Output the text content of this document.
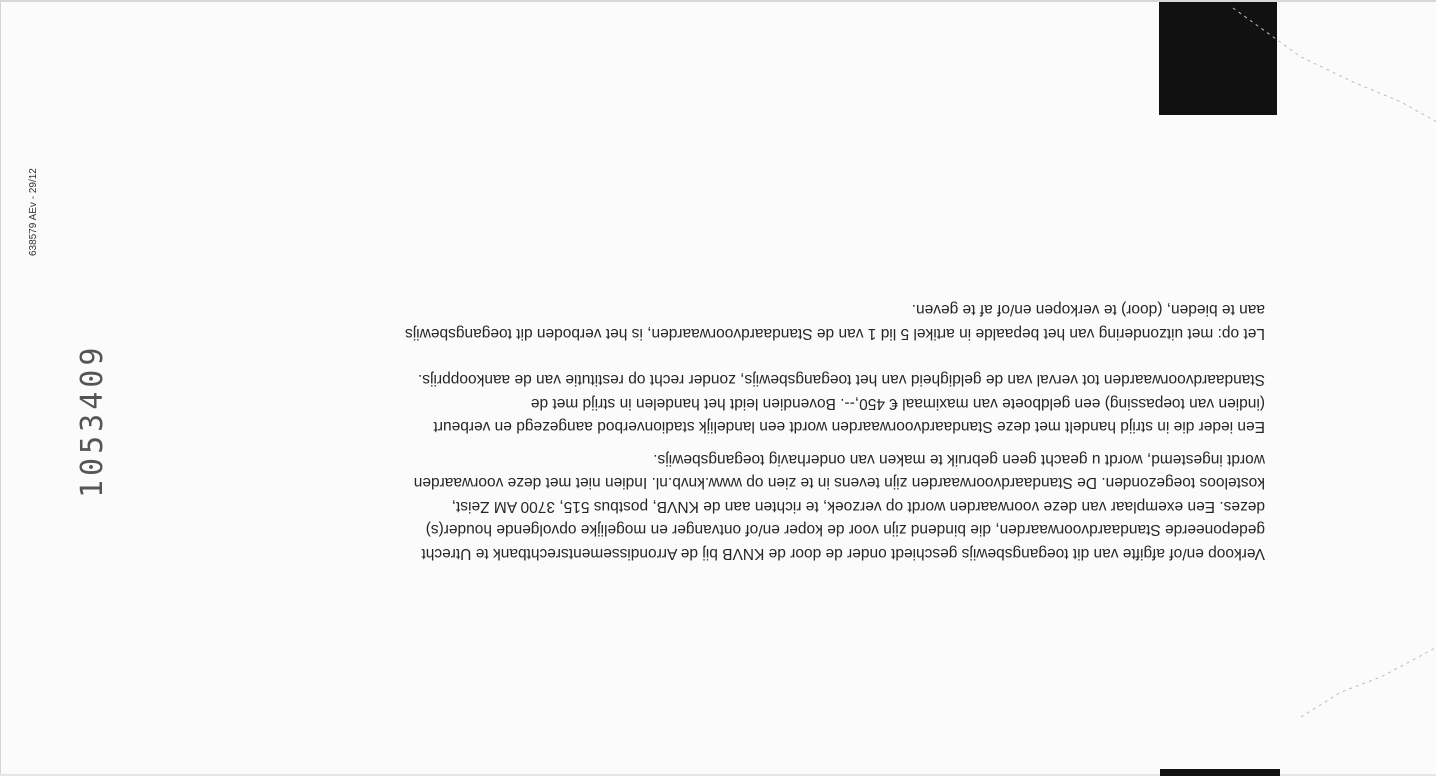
Verkoop en/of afgifte van dit toegangsbewijs geschiedt onder de door de KNVB bij de Arrondissementsrechtbank te Utrecht
gedeponeerde Standaardvoorwaarden, die bindend zijn voor de koper en/of ontvanger en mogelijke opvolgende houder(s)
dezes. Een exemplaar van deze voorwaarden wordt op verzoek, te richten aan de KNVB, postbus 515, 3700 AM Zeist,
kosteloos toegezonden. De Standaardvoorwaarden zijn tevens in te zien op www.knvb.nl. Indien niet met deze voorwaarden
wordt ingestemd, wordt u geacht geen gebruik te maken van onderhavig toegangsbewijs.

Een ieder die in strijd handelt met deze Standaardvoorwaarden wordt een landelijk stadionverbod aangezegd en verbeurt
(indien van toepassing) een geldboete van maximaal € 450,--. Bovendien leidt het handelen in strijd met de
Standaardvoorwaarden tot verval van de geldigheid van het toegangsbewijs, zonder recht op restitutie van de aankoopprijs.

Let op: met uitzondering van het bepaalde in artikel 5 lid 1 van de Standaardvoorwaarden, is het verboden dit toegangsbewijs
aan te bieden, (door) te verkopen en/of af te geven.

1053409
638579 AEv - 29/12
